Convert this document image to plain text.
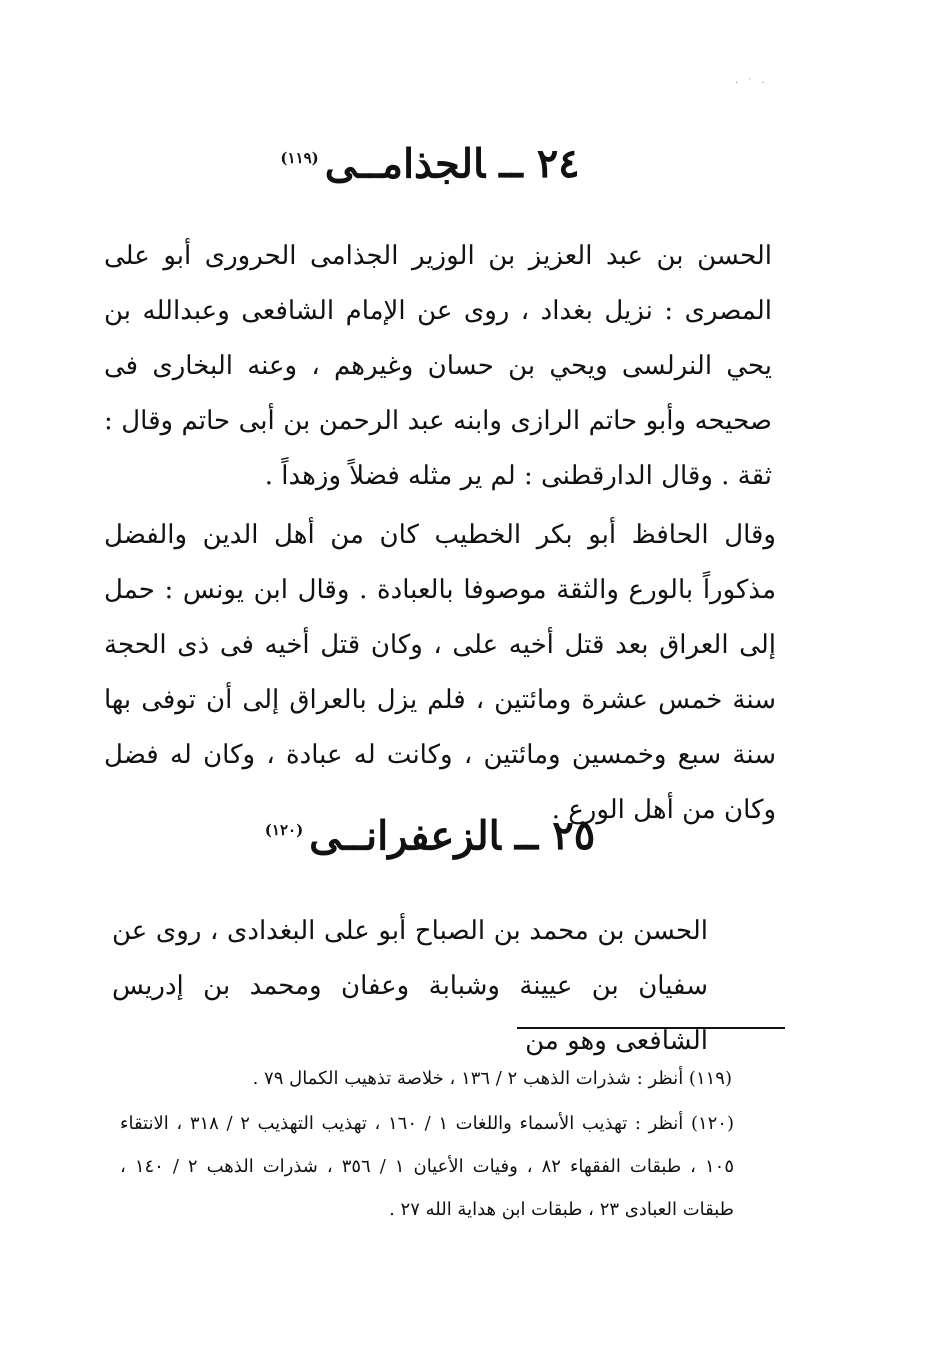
· ˙ ·
٢٤ــالجذامــى$^{(١١٩)}$
الحسن بن عبد العزيز بن الوزير الجذامى الحرورى أبو على المصرى : نزيل بغداد ، روى عن الإمام الشافعى وعبدالله بن يحي النرلسى ويحي بن حسان وغيرهم ، وعنه البخارى فى صحيحه وأبو حاتم الرازى وابنه عبد الرحمن بن أبى حاتم وقال : ثقة . وقال الدارقطنى : لم ير مثله فضلاً وزهداً .
وقال الحافظ أبو بكر الخطيب كان من أهل الدين والفضل مذكوراً بالورع والثقة موصوفا بالعبادة . وقال ابن يونس : حمل إلى العراق بعد قتل أخيه على ، وكان قتل أخيه فى ذى الحجة سنة خمس عشرة ومائتين ، فلم يزل بالعراق إلى أن توفى بها سنة سبع وخمسين ومائتين ، وكانت له عبادة ، وكان له فضل وكان من أهل الورع .
٢٥ــالزعفرانــى$^{(١٢٠)}$
الحسن بن محمد بن الصباح أبو على البغدادى ، روى عن سفيان بن عيينة وشبابة وعفان ومحمد بن إدريس الشافعى وهو من
(١١٩) أنظر : شذرات الذهب ٢ / ١٣٦ ، خلاصة تذهيب الكمال ٧٩ .
(١٢٠) أنظر : تهذيب الأسماء واللغات ١ / ١٦٠ ، تهذيب التهذيب ٢ / ٣١٨ ، الانتقاء ١٠٥ ، طبقات الفقهاء ٨٢ ، وفيات الأعيان ١ / ٣٥٦ ، شذرات الذهب ٢ / ١٤٠ ، طبقات العبادى ٢٣ ، طبقات ابن هداية الله ٢٧ .
